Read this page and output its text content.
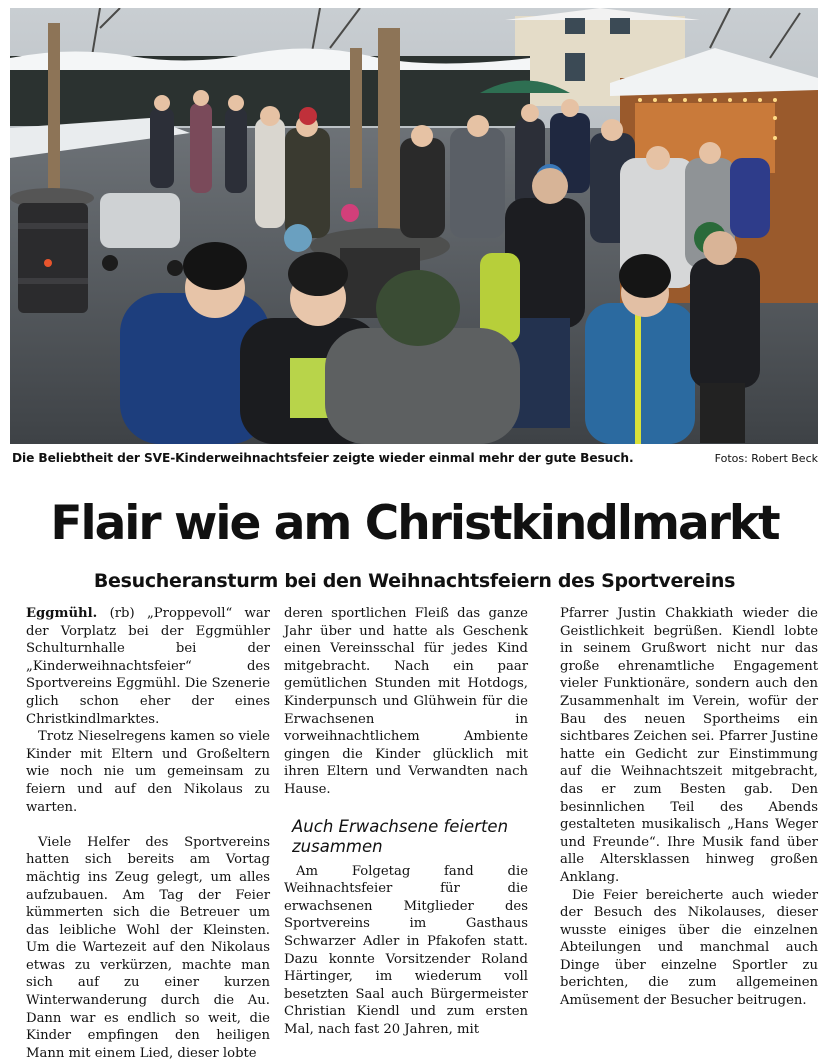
Die Beliebtheit der SVE-Kinderweihnachtsfeier zeigte wieder einmal mehr der gute Besuch.	Fotos: Robert Beck
Flair wie am Christkindlmarkt
Besucheransturm bei den Weihnachtsfeiern des Sportvereins

Eggmühl. (rb) „Proppevoll“ war der Vorplatz bei der Eggmühler Schulturnhalle bei der „Kinderweihnachtsfeier“ des Sportvereins Eggmühl. Die Szenerie glich schon eher der eines Christkindlmarktes.

Trotz Nieselregens kamen so viele Kinder mit Eltern und Großeltern wie noch nie um gemeinsam zu feiern und auf den Nikolaus zu warten.

Viele Helfer des Sportvereins hatten sich bereits am Vortag mächtig ins Zeug gelegt, um alles aufzubauen. Am Tag der Feier kümmerten sich die Betreuer um das leibliche Wohl der Kleinsten. Um die Wartezeit auf den Nikolaus etwas zu verkürzen, machte man sich auf zu einer kurzen Winterwanderung durch die Au. Dann war es endlich so weit, die Kinder empfingen den heiligen Mann mit einem Lied, dieser lobte

deren sportlichen Fleiß das ganze Jahr über und hatte als Geschenk einen Vereinsschal für jedes Kind mitgebracht. Nach ein paar gemütlichen Stunden mit Hotdogs, Kinderpunsch und Glühwein für die Erwachsenen in vorweihnachtlichem Ambiente gingen die Kinder glücklich mit ihren Eltern und Verwandten nach Hause.

Auch Erwachsene feierten zusammen

Am Folgetag fand die Weihnachtsfeier für die erwachsenen Mitglieder des Sportvereins im Gasthaus Schwarzer Adler in Pfakofen statt. Dazu konnte Vorsitzender Roland Härtinger, im wiederum voll besetzten Saal auch Bürgermeister Christian Kiendl und zum ersten Mal, nach fast 20 Jahren, mit

Pfarrer Justin Chakkiath wieder die Geistlichkeit begrüßen. Kiendl lobte in seinem Grußwort nicht nur das große ehrenamtliche Engagement vieler Funktionäre, sondern auch den Zusammenhalt im Verein, wofür der Bau des neuen Sportheims ein sichtbares Zeichen sei. Pfarrer Justine hatte ein Gedicht zur Einstimmung auf die Weihnachtszeit mitgebracht, das er zum Besten gab. Den besinnlichen Teil des Abends gestalteten musikalisch „Hans Weger und Freunde“. Ihre Musik fand über alle Altersklassen hinweg großen Anklang.

Die Feier bereicherte auch wieder der Besuch des Nikolauses, dieser wusste einiges über die einzelnen Abteilungen und manchmal auch Dinge über einzelne Sportler zu berichten, die zum allgemeinen Amüsement der Besucher beitrugen.
